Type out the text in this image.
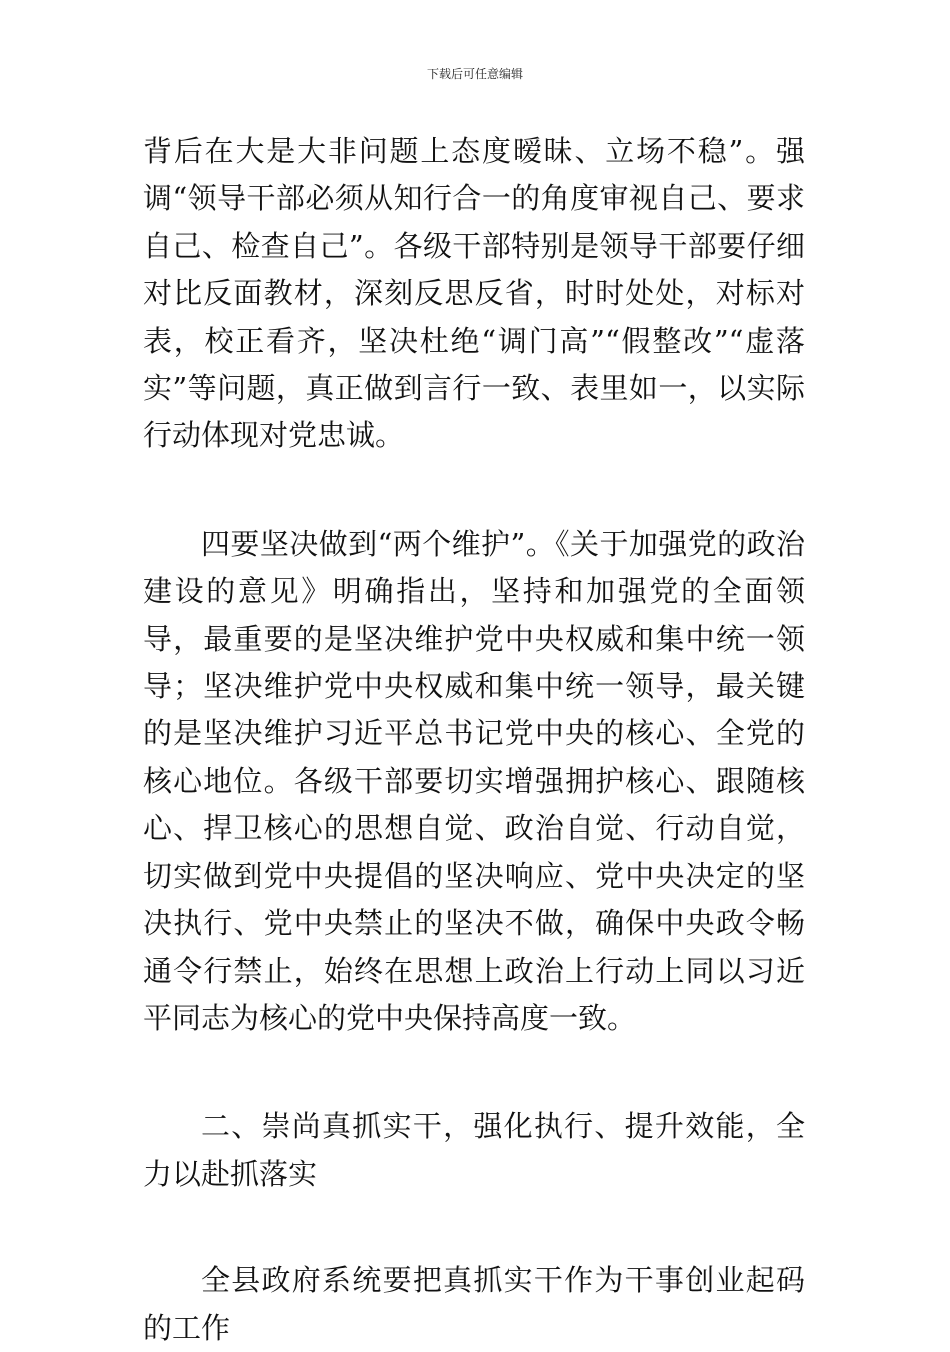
下载后可任意编辑

背后在大是大非问题上态度暧昧、立场不稳”。强调“领导干部必须从知行合一的角度审视自己、要求自己、检查自己”。各级干部特别是领导干部要仔细对比反面教材，深刻反思反省，时时处处，对标对表，校正看齐，坚决杜绝“调门高”“假整改”“虚落实”等问题，真正做到言行一致、表里如一，以实际行动体现对党忠诚。

四要坚决做到“两个维护”。《关于加强党的政治建设的意见》明确指出，坚持和加强党的全面领导，最重要的是坚决维护党中央权威和集中统一领导；坚决维护党中央权威和集中统一领导，最关键的是坚决维护习近平总书记党中央的核心、全党的核心地位。各级干部要切实增强拥护核心、跟随核心、捍卫核心的思想自觉、政治自觉、行动自觉，切实做到党中央提倡的坚决响应、党中央决定的坚决执行、党中央禁止的坚决不做，确保中央政令畅通令行禁止，始终在思想上政治上行动上同以习近平同志为核心的党中央保持高度一致。

二、崇尚真抓实干，强化执行、提升效能，全力以赴抓落实

全县政府系统要把真抓实干作为干事创业起码的工作
